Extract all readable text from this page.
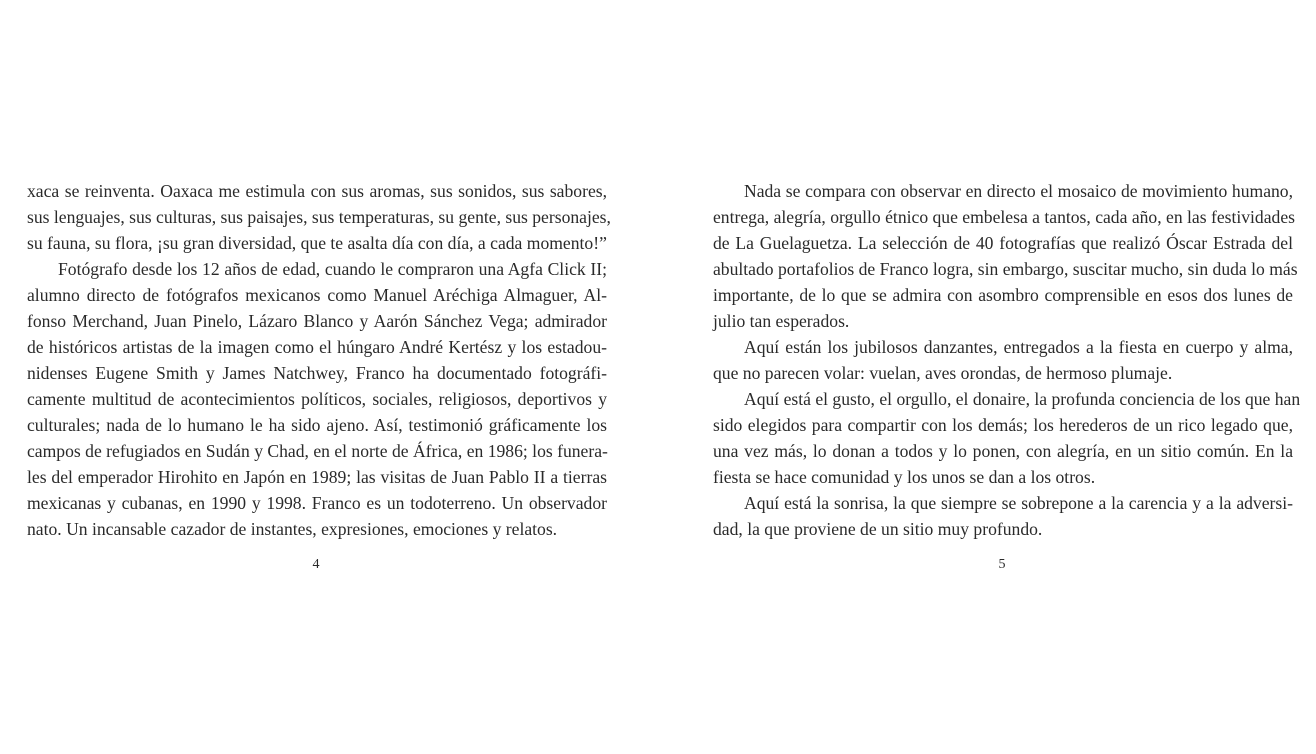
xaca se reinventa. Oaxaca me estimula con sus aromas, sus sonidos, sus sabores,
sus lenguajes, sus culturas, sus paisajes, sus temperaturas, su gente, sus personajes,
su fauna, su flora, ¡su gran diversidad, que te asalta día con día, a cada momento!”
Fotógrafo desde los 12 años de edad, cuando le compraron una Agfa Click II;
alumno directo de fotógrafos mexicanos como Manuel Aréchiga Almaguer, Al-
fonso Merchand, Juan Pinelo, Lázaro Blanco y Aarón Sánchez Vega; admirador
de históricos artistas de la imagen como el húngaro André Kertész y los estadou-
nidenses Eugene Smith y James Natchwey, Franco ha documentado fotográfi-
camente multitud de acontecimientos políticos, sociales, religiosos, deportivos y
culturales; nada de lo humano le ha sido ajeno. Así, testimonió gráficamente los
campos de refugiados en Sudán y Chad, en el norte de África, en 1986; los funera-
les del emperador Hirohito en Japón en 1989; las visitas de Juan Pablo II a tierras
mexicanas y cubanas, en 1990 y 1998. Franco es un todoterreno. Un observador
nato. Un incansable cazador de instantes, expresiones, emociones y relatos.
4
Nada se compara con observar en directo el mosaico de movimiento humano,
entrega, alegría, orgullo étnico que embelesa a tantos, cada año, en las festividades
de La Guelaguetza. La selección de 40 fotografías que realizó Óscar Estrada del
abultado portafolios de Franco logra, sin embargo, suscitar mucho, sin duda lo más
importante, de lo que se admira con asombro comprensible en esos dos lunes de
julio tan esperados.
Aquí están los jubilosos danzantes, entregados a la fiesta en cuerpo y alma,
que no parecen volar: vuelan, aves orondas, de hermoso plumaje.
Aquí está el gusto, el orgullo, el donaire, la profunda conciencia de los que han
sido elegidos para compartir con los demás; los herederos de un rico legado que,
una vez más, lo donan a todos y lo ponen, con alegría, en un sitio común. En la
fiesta se hace comunidad y los unos se dan a los otros.
Aquí está la sonrisa, la que siempre se sobrepone a la carencia y a la adversi-
dad, la que proviene de un sitio muy profundo.
5
